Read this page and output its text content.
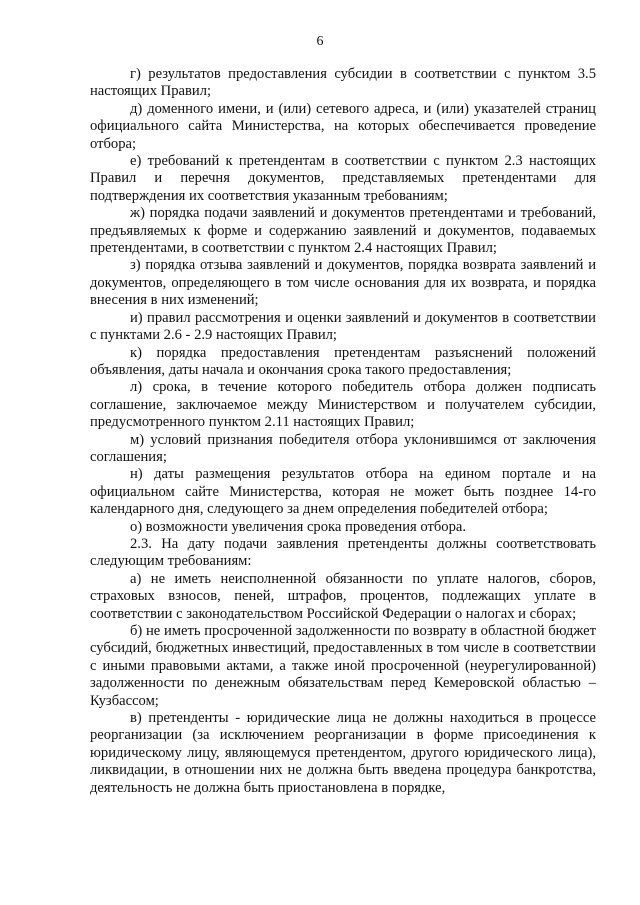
6

г) результатов предоставления субсидии в соответствии с пунктом 3.5 настоящих Правил;

д) доменного имени, и (или) сетевого адреса, и (или) указателей страниц официального сайта Министерства, на которых обеспечивается проведение отбора;

е) требований к претендентам в соответствии с пунктом 2.3 настоящих Правил и перечня документов, представляемых претендентами для подтверждения их соответствия указанным требованиям;

ж) порядка подачи заявлений и документов претендентами и требований, предъявляемых к форме и содержанию заявлений и документов, подаваемых претендентами, в соответствии с пунктом 2.4 настоящих Правил;

з) порядка отзыва заявлений и документов, порядка возврата заявлений и документов, определяющего в том числе основания для их возврата, и порядка внесения в них изменений;

и) правил рассмотрения и оценки заявлений и документов в соответствии с пунктами 2.6 - 2.9 настоящих Правил;

к) порядка предоставления претендентам разъяснений положений объявления, даты начала и окончания срока такого предоставления;

л) срока, в течение которого победитель отбора должен подписать соглашение, заключаемое между Министерством и получателем субсидии, предусмотренного пунктом 2.11 настоящих Правил;

м) условий признания победителя отбора уклонившимся от заключения соглашения;

н) даты размещения результатов отбора на едином портале и на официальном сайте Министерства, которая не может быть позднее 14-го календарного дня, следующего за днем определения победителей отбора;

о) возможности увеличения срока проведения отбора.

2.3. На дату подачи заявления претенденты должны соответствовать следующим требованиям:

а) не иметь неисполненной обязанности по уплате налогов, сборов, страховых взносов, пеней, штрафов, процентов, подлежащих уплате в соответствии с законодательством Российской Федерации о налогах и сборах;

б) не иметь просроченной задолженности по возврату в областной бюджет субсидий, бюджетных инвестиций, предоставленных в том числе в соответствии с иными правовыми актами, а также иной просроченной (неурегулированной) задолженности по денежным обязательствам перед Кемеровской областью – Кузбассом;

в) претенденты - юридические лица не должны находиться в процессе реорганизации (за исключением реорганизации в форме присоединения к юридическому лицу, являющемуся претендентом, другого юридического лица), ликвидации, в отношении них не должна быть введена процедура банкротства, деятельность не должна быть приостановлена в порядке,
